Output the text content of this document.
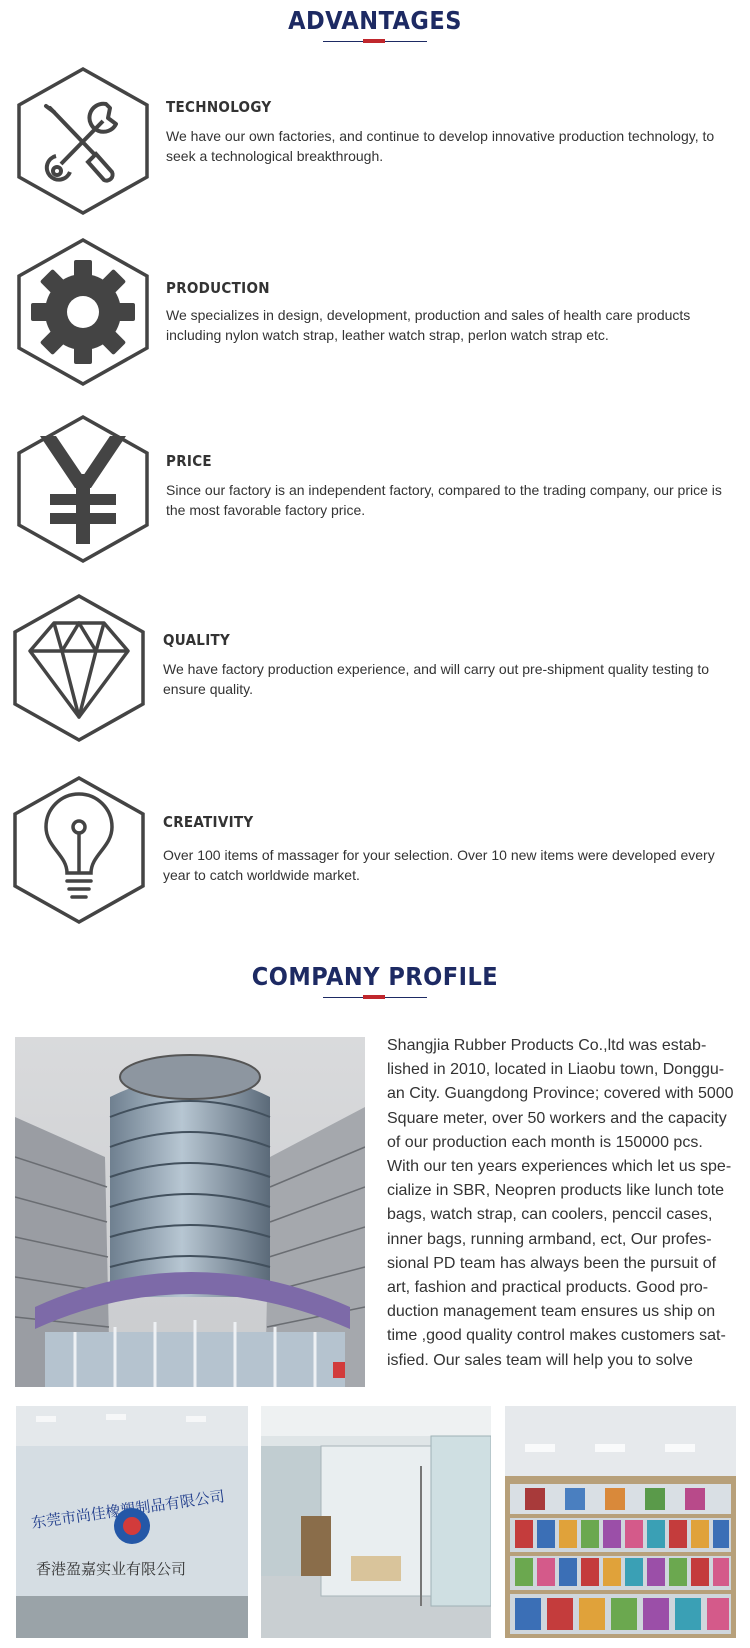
ADVANTAGES
TECHNOLOGY
We have our own factories, and continue to develop innovative production technology, to seek a technological breakthrough.
PRODUCTION
We specializes in design, development, production and sales of health care products including nylon watch strap, leather watch strap, perlon watch strap etc.
PRICE
Since our factory is an independent factory, compared to the trading company, our price is the most favorable factory price.
QUALITY
We have factory production experience, and will carry out pre-shipment quality testing to ensure quality.
CREATIVITY
Over 100 items of massager for your selection. Over 10 new items were developed every year to catch worldwide market.
COMPANY PROFILE
Shangjia Rubber Products Co.,ltd was estab-lished in 2010, located in Liaobu town, Donggu-an City. Guangdong Province; covered with 5000 Square meter, over 50 workers and the capacity of our production each month is 150000 pcs. With our ten years experiences which let us spe-cialize in SBR, Neopren products like lunch tote bags, watch strap, can coolers, penccil cases, inner bags, running armband, ect, Our profes-sional PD team has always been the pursuit of art, fashion and practical products. Good pro-duction management team ensures us ship on time ,good quality control makes customers sat-isfied. Our sales team will help you to solve
香港盈嘉实业有限公司
